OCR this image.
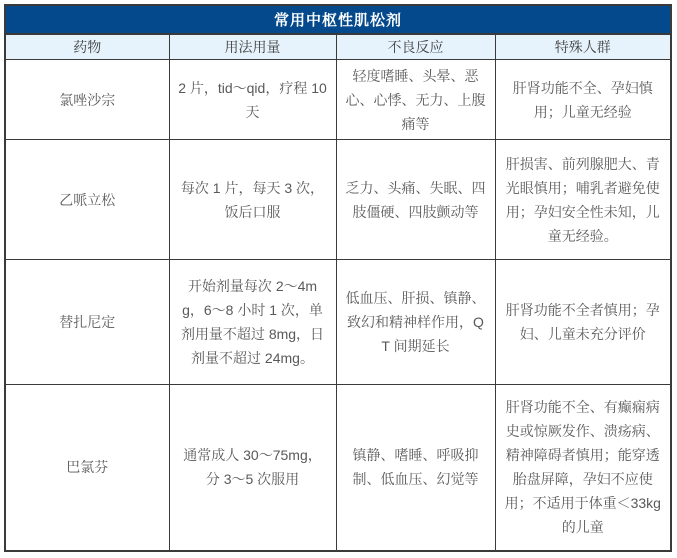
常用中枢性肌松剂			
药物	用法用量	不良反应	特殊人群
氯唑沙宗	2 片，tid～qid，疗程 10 天	轻度嗜睡、头晕、恶心、心悸、无力、上腹痛等	肝肾功能不全、孕妇慎用；儿童无经验
乙哌立松	每次 1 片，每天 3 次，饭后口服	乏力、头痛、失眠、四肢僵硬、四肢颤动等	肝损害、前列腺肥大、青光眼慎用；哺乳者避免使用；孕妇安全性未知，儿童无经验。
替扎尼定	开始剂量每次 2～4mg，6～8 小时 1 次，单剂用量不超过 8mg，日剂量不超过 24mg。	低血压、肝损、镇静、致幻和精神样作用，QT 间期延长	肝肾功能不全者慎用；孕妇、儿童未充分评价
巴氯芬	通常成人 30～75mg，分 3～5 次服用	镇静、嗜睡、呼吸抑制、低血压、幻觉等	肝肾功能不全、有癫痫病史或惊厥发作、溃疡病、精神障碍者慎用；能穿透胎盘屏障，孕妇不应使用；不适用于体重＜33kg 的儿童
